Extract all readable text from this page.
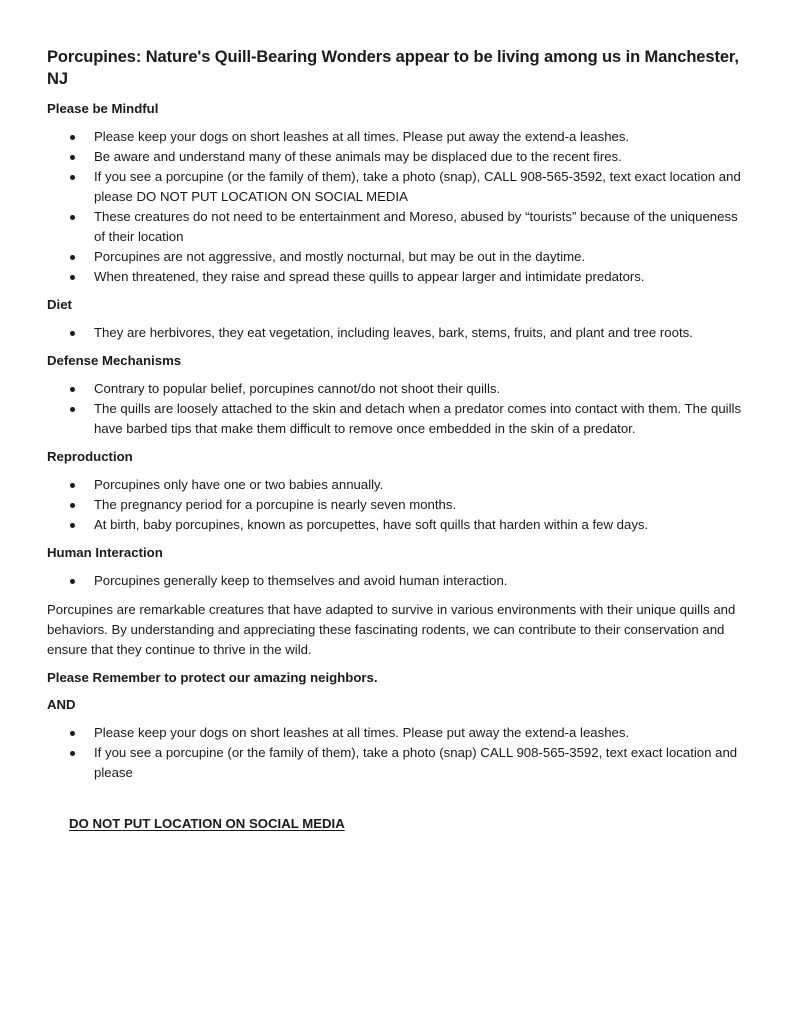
Porcupines: Nature's Quill-Bearing Wonders appear to be living among us in Manchester, NJ
Please be Mindful
Please keep your dogs on short leashes at all times. Please put away the extend-a leashes.
Be aware and understand many of these animals may be displaced due to the recent fires.
If you see a porcupine (or the family of them), take a photo (snap), CALL 908-565-3592, text exact location and please DO NOT PUT LOCATION ON SOCIAL MEDIA
These creatures do not need to be entertainment and Moreso, abused by “tourists” because of the uniqueness of their location
Porcupines are not aggressive, and mostly nocturnal, but may be out in the daytime.
When threatened, they raise and spread these quills to appear larger and intimidate predators.
Diet
They are herbivores, they eat vegetation, including leaves, bark, stems, fruits, and plant and tree roots.
Defense Mechanisms
Contrary to popular belief, porcupines cannot/do not shoot their quills.
The quills are loosely attached to the skin and detach when a predator comes into contact with them. The quills have barbed tips that make them difficult to remove once embedded in the skin of a predator.
Reproduction
Porcupines only have one or two babies annually.
The pregnancy period for a porcupine is nearly seven months.
At birth, baby porcupines, known as porcupettes, have soft quills that harden within a few days.
Human Interaction
Porcupines generally keep to themselves and avoid human interaction.

Porcupines are remarkable creatures that have adapted to survive in various environments with their unique quills and behaviors. By understanding and appreciating these fascinating rodents, we can contribute to their conservation and ensure that they continue to thrive in the wild.

Please Remember to protect our amazing neighbors.
AND
Please keep your dogs on short leashes at all times. Please put away the extend-a leashes.
If you see a porcupine (or the family of them), take a photo (snap) CALL 908-565-3592, text exact location and please
DO NOT PUT LOCATION ON SOCIAL MEDIA
